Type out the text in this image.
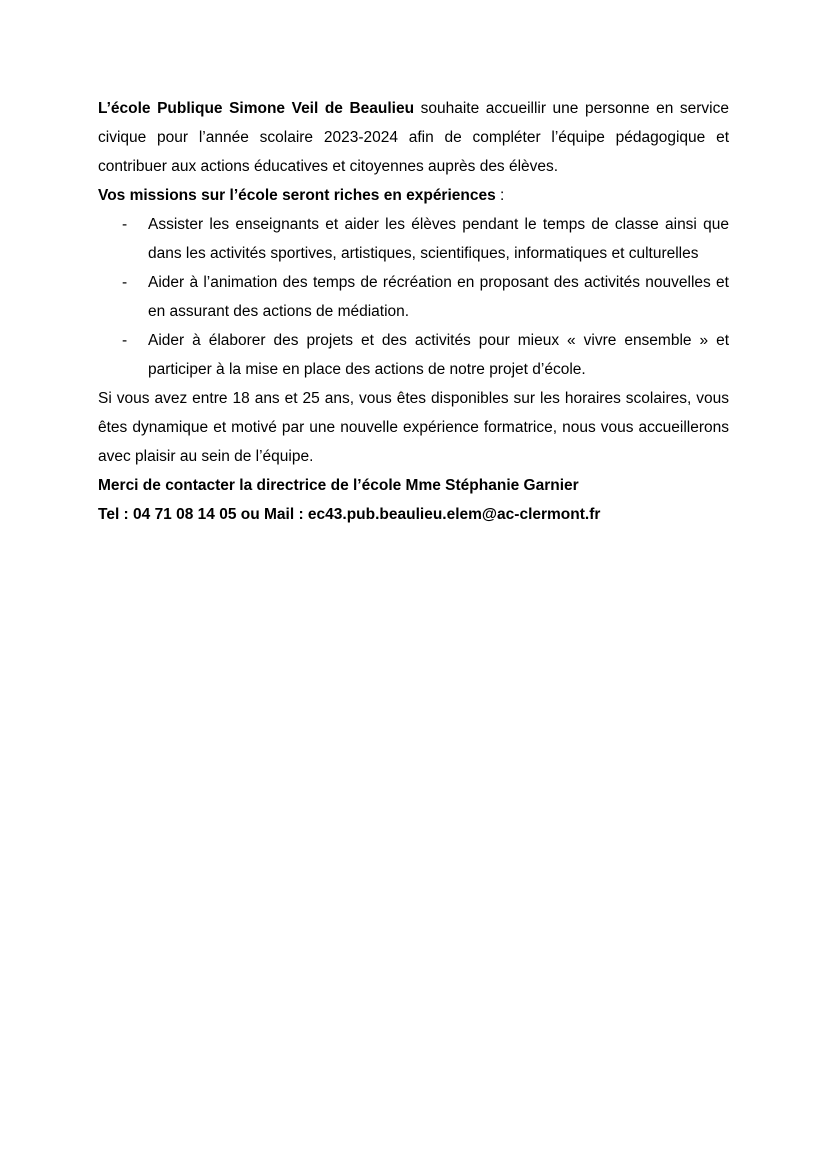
L’école Publique Simone Veil de Beaulieu souhaite accueillir une personne en service civique pour l’année scolaire 2023-2024 afin de compléter l’équipe pédagogique et contribuer aux actions éducatives et citoyennes auprès des élèves.

Vos missions sur l’école seront riches en expériences :

- Assister les enseignants et aider les élèves pendant le temps de classe ainsi que dans les activités sportives, artistiques, scientifiques, informatiques et culturelles
- Aider à l’animation des temps de récréation en proposant des activités nouvelles et en assurant des actions de médiation.
- Aider à élaborer des projets et des activités pour mieux « vivre ensemble » et participer à la mise en place des actions de notre projet d’école.

Si vous avez entre 18 ans et 25 ans, vous êtes disponibles sur les horaires scolaires, vous êtes dynamique et motivé par une nouvelle expérience formatrice, nous vous accueillerons avec plaisir au sein de l’équipe.

Merci de contacter la directrice de l’école Mme Stéphanie Garnier

Tel : 04 71 08 14 05 ou Mail : ec43.pub.beaulieu.elem@ac-clermont.fr
